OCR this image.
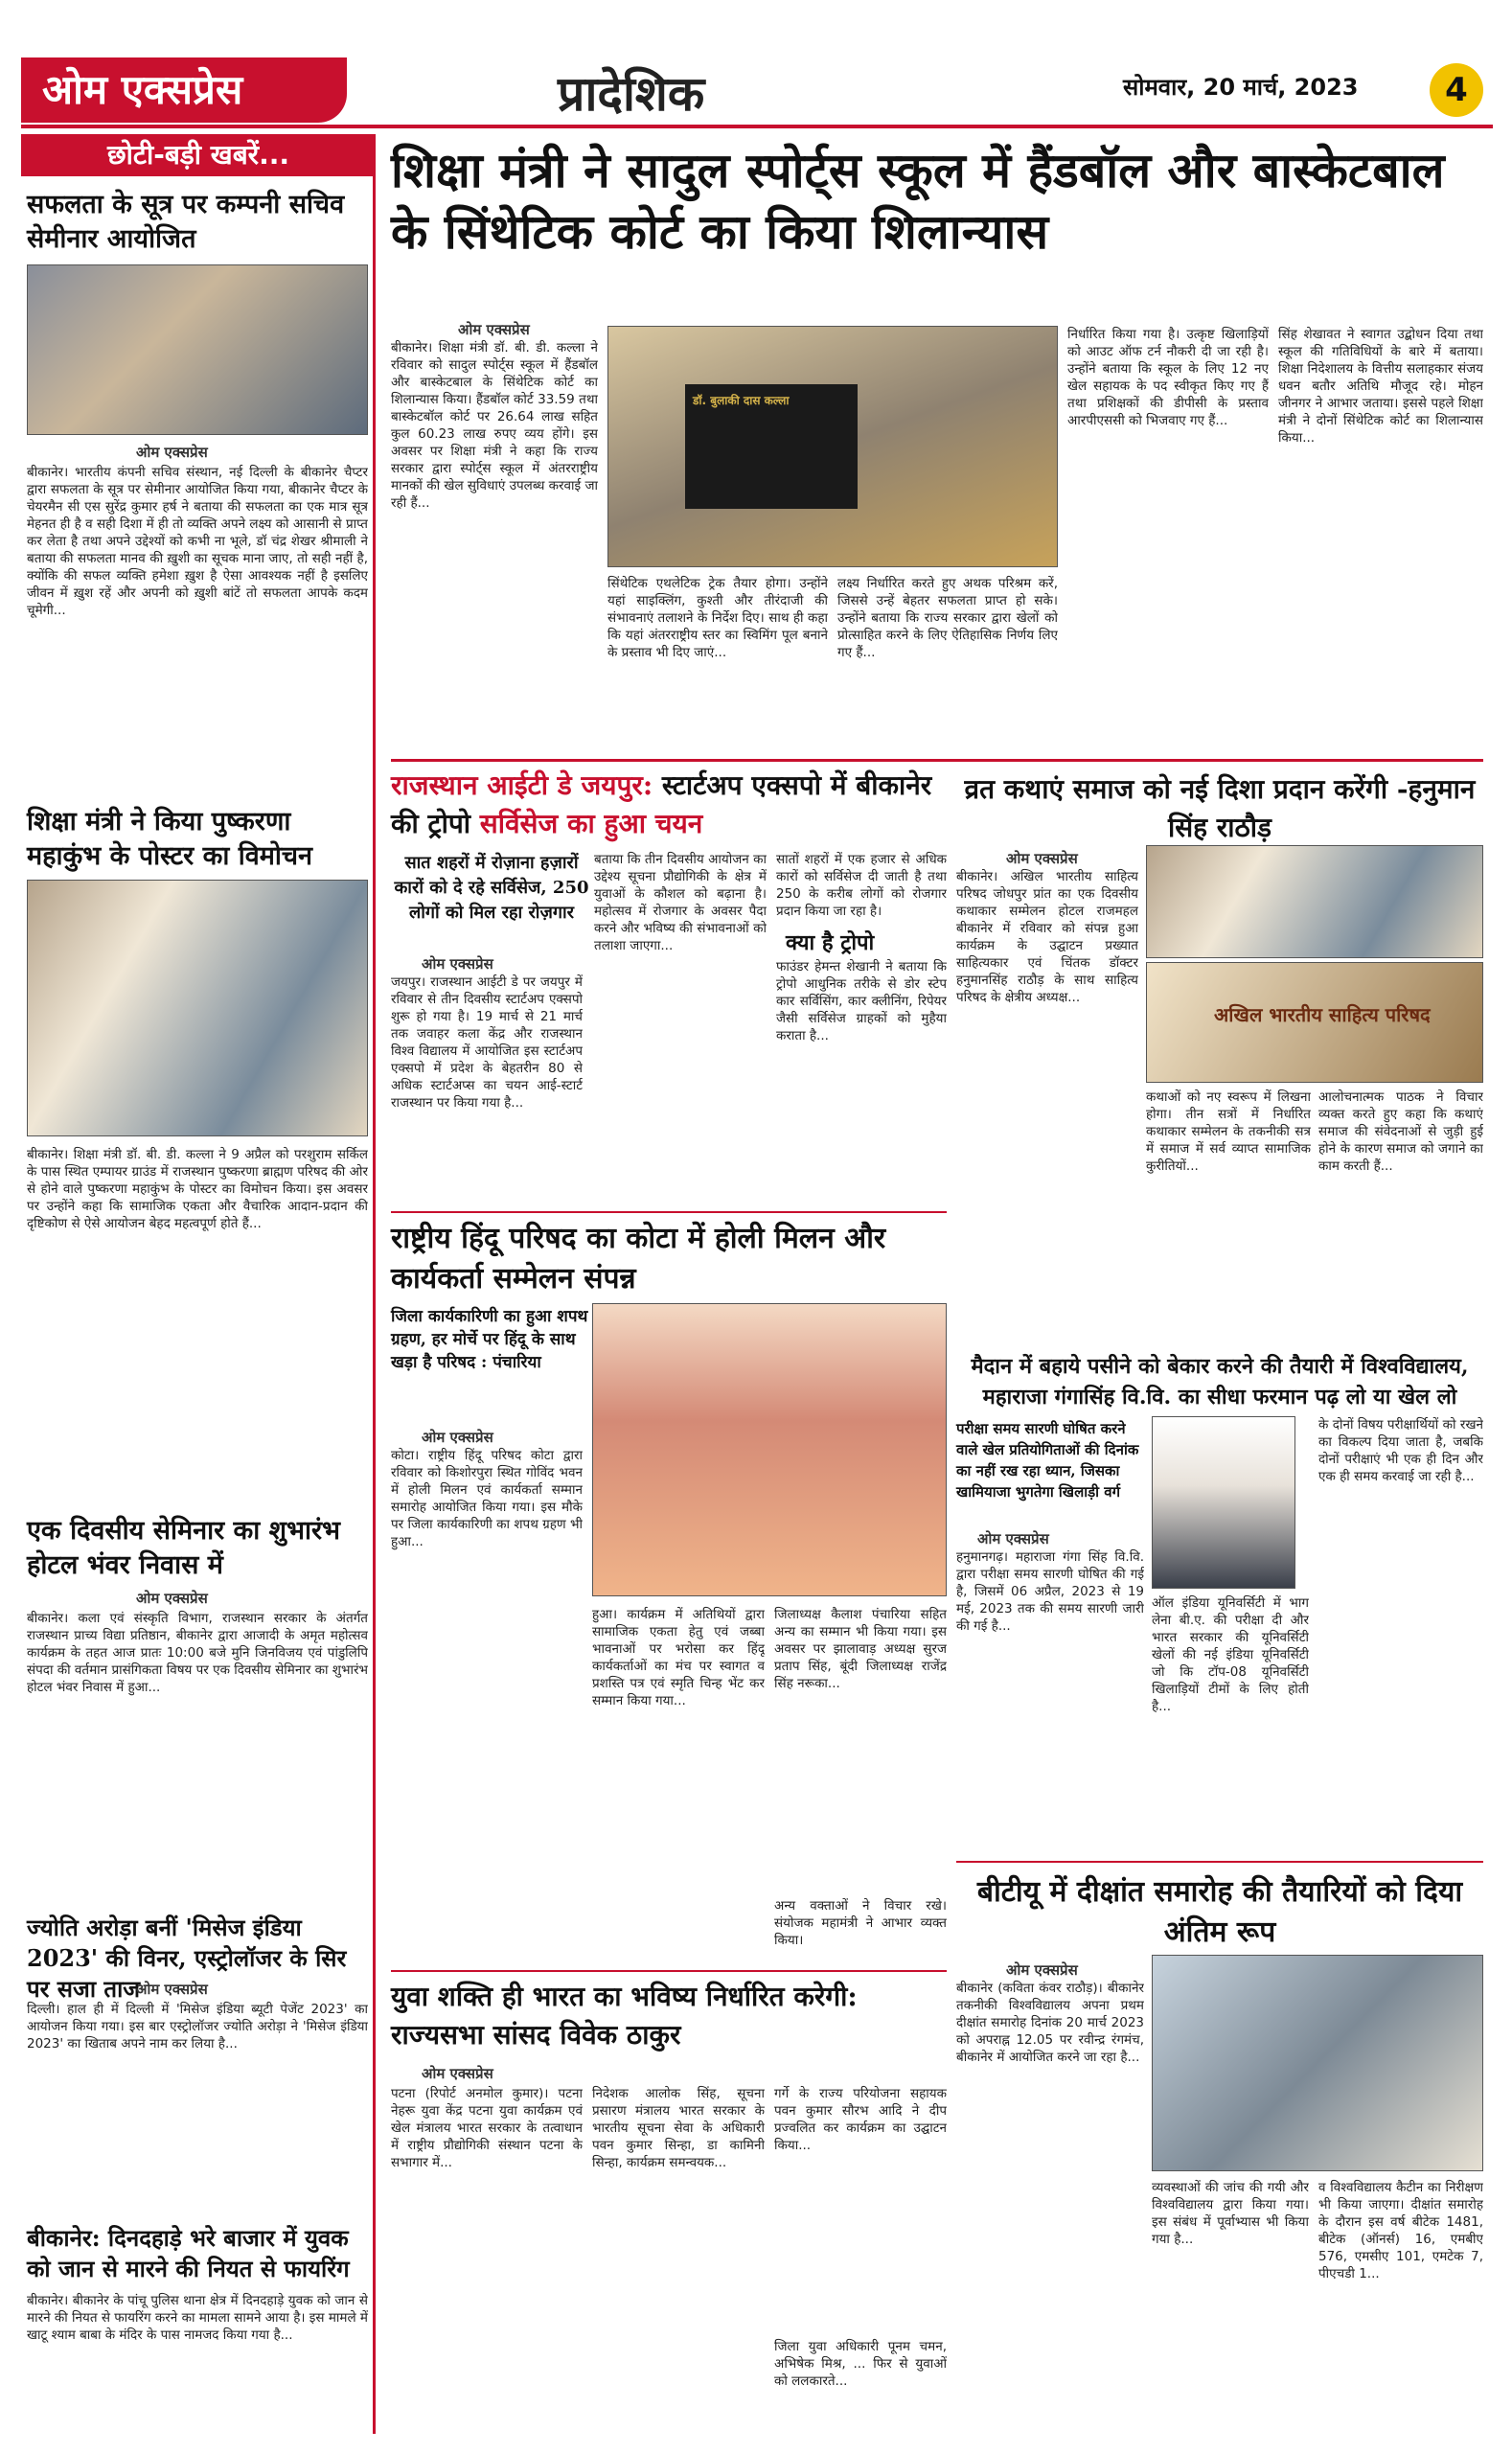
ओम एक्सप्रेस	प्रादेशिक	सोमवार, 20 मार्च, 2023	4
छोटी-बड़ी खबरें...
सफलता के सूत्र पर कम्पनी सचिव सेमीनार आयोजित
ओम एक्सप्रेस
बीकानेर। भारतीय कंपनी सचिव संस्थान, नई दिल्ली के बीकानेर चैप्टर द्वारा सफलता के सूत्र पर सेमीनार आयोजित किया गया, बीकानेर चैप्टर के चेयरमैन सी एस सुरेंद्र कुमार हर्ष ने बताया की सफलता का एक मात्र सूत्र मेहनत ही है व सही दिशा में ही तो व्यक्ति अपने लक्ष्य को आसानी से प्राप्त कर लेता है तथा अपने उद्देश्यों को कभी ना भूले, डॉ चंद्र शेखर श्रीमाली ने बताया की सफलता मानव की ख़ुशी का सूचक माना जाए, तो सही नहीं है, क्योंकि की सफल व्यक्ति हमेशा ख़ुश है ऐसा आवश्यक नहीं है इसलिए जीवन में ख़ुश रहें और अपनी को ख़ुशी बांटें तो सफलता आपके कदम चूमेगी...
शिक्षा मंत्री ने किया पुष्करणा महाकुंभ के पोस्टर का विमोचन
बीकानेर। शिक्षा मंत्री डॉ. बी. डी. कल्ला ने 9 अप्रैल को परशुराम सर्किल के पास स्थित एम्पायर ग्राउंड में राजस्थान पुष्करणा ब्राह्मण परिषद की ओर से होने वाले पुष्करणा महाकुंभ के पोस्टर का विमोचन किया। इस अवसर पर उन्होंने कहा कि सामाजिक एकता और वैचारिक आदान-प्रदान की दृष्टिकोण से ऐसे आयोजन बेहद महत्वपूर्ण होते हैं...
एक दिवसीय सेमिनार का शुभारंभ होटल भंवर निवास में
ओम एक्सप्रेस
बीकानेर। कला एवं संस्कृति विभाग, राजस्थान सरकार के अंतर्गत राजस्थान प्राच्य विद्या प्रतिष्ठान, बीकानेर द्वारा आजादी के अमृत महोत्सव कार्यक्रम के तहत आज प्रातः 10:00 बजे मुनि जिनविजय एवं पांडुलिपि संपदा की वर्तमान प्रासंगिकता विषय पर एक दिवसीय सेमिनार का शुभारंभ होटल भंवर निवास में हुआ...
ज्योति अरोड़ा बनीं 'मिसेज इंडिया 2023' की विनर, एस्ट्रोलॉजर के सिर पर सजा ताज
ओम एक्सप्रेस
दिल्ली। हाल ही में दिल्ली में 'मिसेज इंडिया ब्यूटी पेजेंट 2023' का आयोजन किया गया। इस बार एस्ट्रोलॉजर ज्योति अरोड़ा ने 'मिसेज इंडिया 2023' का खिताब अपने नाम कर लिया है...
बीकानेर: दिनदहाड़े भरे बाजार में युवक को जान से मारने की नियत से फायरिंग
बीकानेर। बीकानेर के पांचू पुलिस थाना क्षेत्र में दिनदहाड़े युवक को जान से मारने की नियत से फायरिंग करने का मामला सामने आया है। इस मामले में खाटू श्याम बाबा के मंदिर के पास नामजद किया गया है...
शिक्षा मंत्री ने सादुल स्पोर्ट्स स्कूल में हैंडबॉल और बास्केटबाल के सिंथेटिक कोर्ट का किया शिलान्यास
ओम एक्सप्रेस
बीकानेर। शिक्षा मंत्री डॉ. बी. डी. कल्ला ने रविवार को सादुल स्पोर्ट्स स्कूल में हैंडबॉल और बास्केटबाल के सिंथेटिक कोर्ट का शिलान्यास किया। हैंडबॉल कोर्ट 33.59 तथा बास्केटबॉल कोर्ट पर 26.64 लाख सहित कुल 60.23 लाख रुपए व्यय होंगे। इस अवसर पर शिक्षा मंत्री ने कहा कि राज्य सरकार द्वारा स्पोर्ट्स स्कूल में अंतरराष्ट्रीय मानकों की खेल सुविधाएं उपलब्ध करवाई जा रही हैं...
डॉ. बुलाकी दास कल्ला
सिंथेटिक एथलेटिक ट्रेक तैयार होगा। उन्होंने यहां साइक्लिंग, कुश्ती और तीरंदाजी की संभावनाएं तलाशने के निर्देश दिए। साथ ही कहा कि यहां अंतरराष्ट्रीय स्तर का स्विमिंग पूल बनाने के प्रस्ताव भी दिए जाएं...
लक्ष्य निर्धारित करते हुए अथक परिश्रम करें, जिससे उन्हें बेहतर सफलता प्राप्त हो सके। उन्होंने बताया कि राज्य सरकार द्वारा खेलों को प्रोत्साहित करने के लिए ऐतिहासिक निर्णय लिए गए हैं...
निर्धारित किया गया है। उत्कृष्ट खिलाड़ियों को आउट ऑफ टर्न नौकरी दी जा रही है। उन्होंने बताया कि स्कूल के लिए 12 नए खेल सहायक के पद स्वीकृत किए गए हैं तथा प्रशिक्षकों की डीपीसी के प्रस्ताव आरपीएससी को भिजवाए गए हैं...
सिंह शेखावत ने स्वागत उद्बोधन दिया तथा स्कूल की गतिविधियों के बारे में बताया। शिक्षा निदेशालय के वित्तीय सलाहकार संजय धवन बतौर अतिथि मौजूद रहे। मोहन जीनगर ने आभार जताया। इससे पहले शिक्षा मंत्री ने दोनों सिंथेटिक कोर्ट का शिलान्यास किया...
राजस्थान आईटी डे जयपुर: स्टार्टअप एक्सपो में बीकानेर की ट्रोपो सर्विसेज का हुआ चयन
सात शहरों में रोज़ाना हज़ारों कारों को दे रहे सर्विसेज, 250 लोगों को मिल रहा रोज़गार
ओम एक्सप्रेस
जयपुर। राजस्थान आईटी डे पर जयपुर में रविवार से तीन दिवसीय स्टार्टअप एक्सपो शुरू हो गया है। 19 मार्च से 21 मार्च तक जवाहर कला केंद्र और राजस्थान विश्व विद्यालय में आयोजित इस स्टार्टअप एक्सपो में प्रदेश के बेहतरीन 80 से अधिक स्टार्टअप्स का चयन आई-स्टार्ट राजस्थान पर किया गया है...
बताया कि तीन दिवसीय आयोजन का उद्देश्य सूचना प्रौद्योगिकी के क्षेत्र में युवाओं के कौशल को बढ़ाना है। महोत्सव में रोजगार के अवसर पैदा करने और भविष्य की संभावनाओं को तलाशा जाएगा...
सातों शहरों में एक हजार से अधिक कारों को सर्विसेज दी जाती है तथा 250 के करीब लोगों को रोजगार प्रदान किया जा रहा है।
क्या है ट्रोपो
फाउंडर हेमन्त शेखानी ने बताया कि ट्रोपो आधुनिक तरीके से डोर स्टेप कार सर्विसिंग, कार क्लीनिंग, रिपेयर जैसी सर्विसेज ग्राहकों को मुहैया कराता है...
व्रत कथाएं समाज को नई दिशा प्रदान करेंगी -हनुमान सिंह राठौड़
ओम एक्सप्रेस
बीकानेर। अखिल भारतीय साहित्य परिषद जोधपुर प्रांत का एक दिवसीय कथाकार सम्मेलन होटल राजमहल बीकानेर में रविवार को संपन्न हुआ कार्यक्रम के उद्घाटन प्रख्यात साहित्यकार एवं चिंतक डॉक्टर हनुमानसिंह राठौड़ के साथ साहित्य परिषद के क्षेत्रीय अध्यक्ष...
अखिल भारतीय साहित्य परिषद
कथाओं को नए स्वरूप में लिखना होगा। तीन सत्रों में निर्धारित कथाकार सम्मेलन के तकनीकी सत्र में समाज में सर्व व्याप्त सामाजिक कुरीतियों...
आलोचनात्मक पाठक ने विचार व्यक्त करते हुए कहा कि कथाएं समाज की संवेदनाओं से जुड़ी हुई होने के कारण समाज को जगाने का काम करती हैं...
राष्ट्रीय हिंदू परिषद का कोटा में होली मिलन और कार्यकर्ता सम्मेलन संपन्न
जिला कार्यकारिणी का हुआ शपथ ग्रहण, हर मोर्चे पर हिंदू के साथ खड़ा है परिषद : पंचारिया
ओम एक्सप्रेस
कोटा। राष्ट्रीय हिंदू परिषद कोटा द्वारा रविवार को किशोरपुरा स्थित गोविंद भवन में होली मिलन एवं कार्यकर्ता सम्मान समारोह आयोजित किया गया। इस मौके पर जिला कार्यकारिणी का शपथ ग्रहण भी हुआ...
हुआ। कार्यक्रम में अतिथियों द्वारा सामाजिक एकता हेतु एवं जब्बा भावनाओं पर भरोसा कर हिंदू कार्यकर्ताओं का मंच पर स्वागत व प्रशस्ति पत्र एवं स्मृति चिन्ह भेंट कर सम्मान किया गया...
जिलाध्यक्ष कैलाश पंचारिया सहित अन्य का सम्मान भी किया गया। इस अवसर पर झालावाड़ अध्यक्ष सुरज प्रताप सिंह, बूंदी जिलाध्यक्ष राजेंद्र सिंह नरूका...
अन्य वक्ताओं ने विचार रखे। संयोजक महामंत्री ने आभार व्यक्त किया।
मैदान में बहाये पसीने को बेकार करने की तैयारी में विश्वविद्यालय, महाराजा गंगासिंह वि.वि. का सीधा फरमान पढ़ लो या खेल लो
परीक्षा समय सारणी घोषित करने वाले खेल प्रतियोगिताओं की दिनांक का नहीं रख रहा ध्यान, जिसका खामियाजा भुगतेगा खिलाड़ी वर्ग
ओम एक्सप्रेस
हनुमानगढ़। महाराजा गंगा सिंह वि.वि. द्वारा परीक्षा समय सारणी घोषित की गई है, जिसमें 06 अप्रैल, 2023 से 19 मई, 2023 तक की समय सारणी जारी की गई है...
ऑल इंडिया यूनिवर्सिटी में भाग लेना बी.ए. की परीक्षा दी और भारत सरकार की यूनिवर्सिटी खेलों की नई इंडिया यूनिवर्सिटी जो कि टॉप-08 यूनिवर्सिटी खिलाड़ियों टीमों के लिए होती है...
के दोनों विषय परीक्षार्थियों को रखने का विकल्प दिया जाता है, जबकि दोनों परीक्षाएं भी एक ही दिन और एक ही समय करवाई जा रही है...
युवा शक्ति ही भारत का भविष्य निर्धारित करेगी: राज्यसभा सांसद विवेक ठाकुर
ओम एक्सप्रेस
पटना (रिपोर्ट अनमोल कुमार)। पटना नेहरू युवा केंद्र पटना युवा कार्यक्रम एवं खेल मंत्रालय भारत सरकार के तत्वाधान में राष्ट्रीय प्रौद्योगिकी संस्थान पटना के सभागार में...
निदेशक आलोक सिंह, सूचना प्रसारण मंत्रालय भारत सरकार के भारतीय सूचना सेवा के अधिकारी पवन कुमार सिन्हा, डा कामिनी सिन्हा, कार्यक्रम समन्वयक...
गर्गे के राज्य परियोजना सहायक पवन कुमार सौरभ आदि ने दीप प्रज्वलित कर कार्यक्रम का उद्घाटन किया...
जिला युवा अधिकारी पूनम चमन, अभिषेक मिश्र, ... फिर से युवाओं को ललकारते...
बीटीयू में दीक्षांत समारोह की तैयारियों को दिया अंतिम रूप
ओम एक्सप्रेस
बीकानेर (कविता कंवर राठौड़)। बीकानेर तकनीकी विश्वविद्यालय अपना प्रथम दीक्षांत समारोह दिनांक 20 मार्च 2023 को अपराह्न 12.05 पर रवीन्द्र रंगमंच, बीकानेर में आयोजित करने जा रहा है...
व्यवस्थाओं की जांच की गयी और विश्वविद्यालय द्वारा किया गया। इस संबंध में पूर्वाभ्यास भी किया गया है...
व विश्वविद्यालय कैटीन का निरीक्षण भी किया जाएगा। दीक्षांत समारोह के दौरान इस वर्ष बीटेक 1481, बीटेक (ऑनर्स) 16, एमबीए 576, एमसीए 101, एमटेक 7, पीएचडी 1...
